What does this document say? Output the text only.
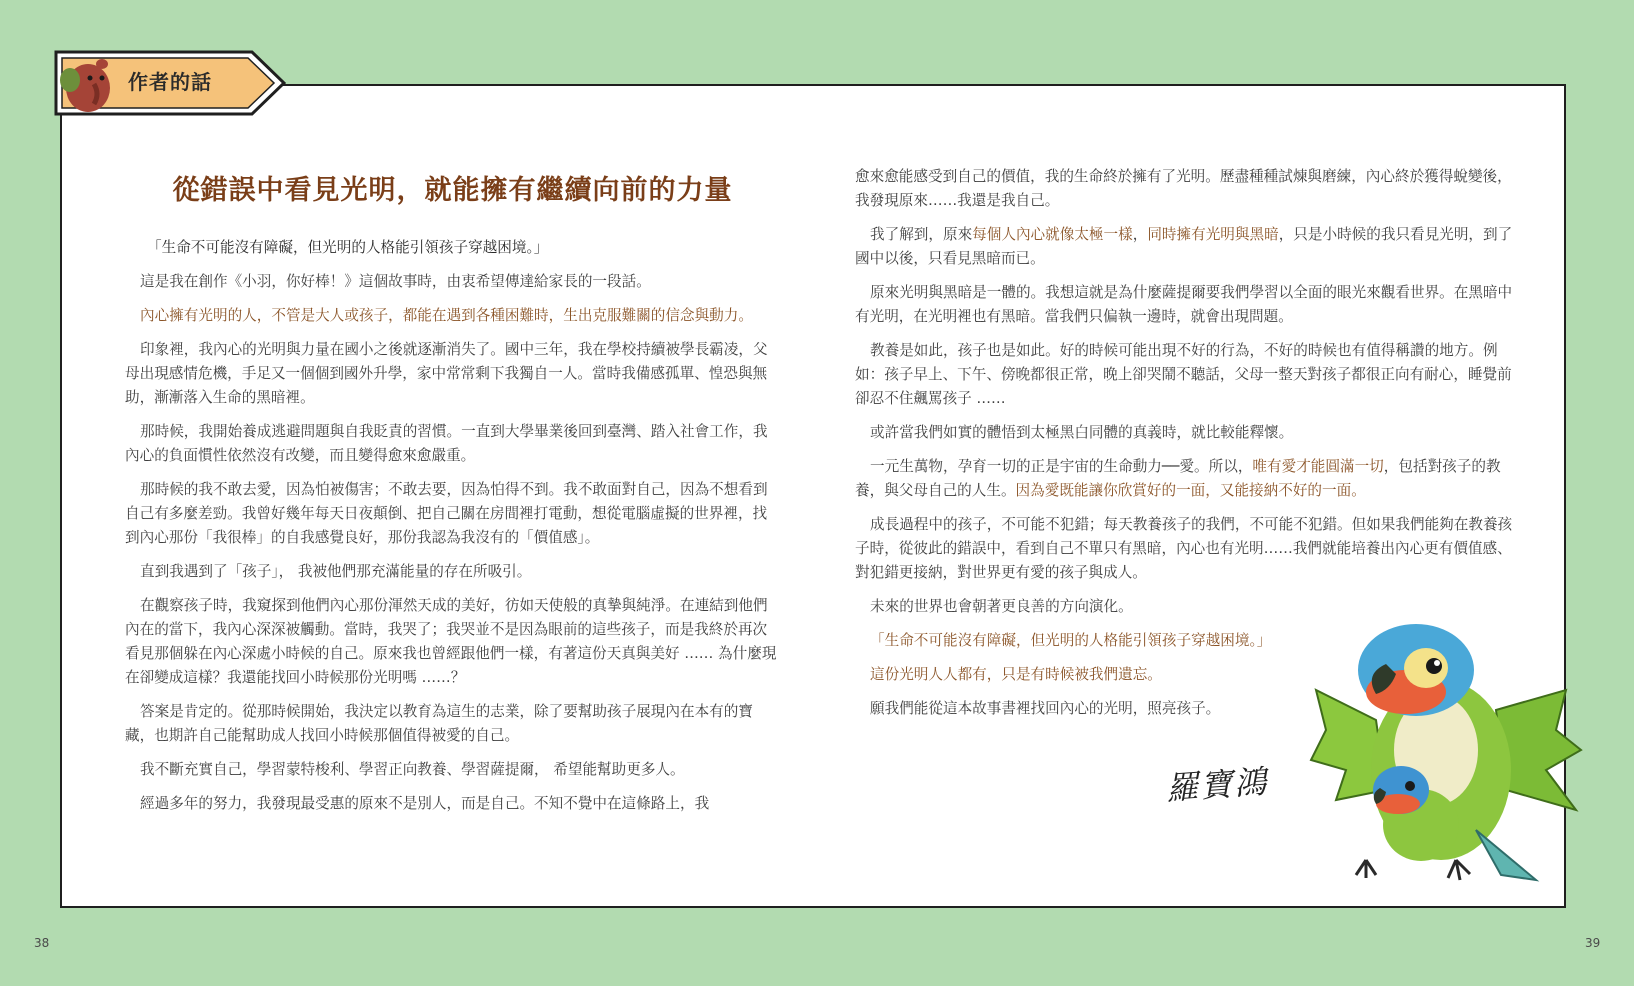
作者的話
從錯誤中看見光明，就能擁有繼續向前的力量

「生命不可能沒有障礙，但光明的人格能引領孩子穿越困境。」

這是我在創作《小羽，你好棒！》這個故事時，由衷希望傳達給家長的一段話。

內心擁有光明的人，不管是大人或孩子，都能在遇到各種困難時，生出克服難關的信念與動力。

印象裡，我內心的光明與力量在國小之後就逐漸消失了。國中三年，我在學校持續被學長霸凌，父母出現感情危機，手足又一個個到國外升學，家中常常剩下我獨自一人。當時我備感孤單、惶恐與無助，漸漸落入生命的黑暗裡。

那時候，我開始養成逃避問題與自我貶責的習慣。一直到大學畢業後回到臺灣、踏入社會工作，我內心的負面慣性依然沒有改變，而且變得愈來愈嚴重。

那時候的我不敢去愛，因為怕被傷害；不敢去要，因為怕得不到。我不敢面對自己，因為不想看到自己有多麼差勁。我曾好幾年每天日夜顛倒、把自己關在房間裡打電動，想從電腦虛擬的世界裡，找到內心那份「我很棒」的自我感覺良好，那份我認為我沒有的「價值感」。

直到我遇到了「孩子」， 我被他們那充滿能量的存在所吸引。

在觀察孩子時，我窺探到他們內心那份渾然天成的美好，彷如天使般的真摯與純淨。在連結到他們內在的當下，我內心深深被觸動。當時，我哭了；我哭並不是因為眼前的這些孩子，而是我終於再次看見那個躲在內心深處小時候的自己。原來我也曾經跟他們一樣，有著這份天真與美好 …… 為什麼現在卻變成這樣？我還能找回小時候那份光明嗎 ……？

答案是肯定的。從那時候開始，我決定以教育為這生的志業，除了要幫助孩子展現內在本有的寶藏，也期許自己能幫助成人找回小時候那個值得被愛的自己。

我不斷充實自己，學習蒙特梭利、學習正向教養、學習薩提爾， 希望能幫助更多人。

經過多年的努力，我發現最受惠的原來不是別人，而是自己。不知不覺中在這條路上，我

愈來愈能感受到自己的價值，我的生命終於擁有了光明。歷盡種種試煉與磨練，內心終於獲得蛻變後，我發現原來……我還是我自己。

我了解到，原來每個人內心就像太極一樣，同時擁有光明與黑暗，只是小時候的我只看見光明，到了國中以後，只看見黑暗而已。

原來光明與黑暗是一體的。我想這就是為什麼薩提爾要我們學習以全面的眼光來觀看世界。在黑暗中有光明，在光明裡也有黑暗。當我們只偏執一邊時，就會出現問題。

教養是如此，孩子也是如此。好的時候可能出現不好的行為，不好的時候也有值得稱讚的地方。例如：孩子早上、下午、傍晚都很正常，晚上卻哭鬧不聽話，父母一整天對孩子都很正向有耐心，睡覺前卻忍不住飆罵孩子 ……

或許當我們如實的體悟到太極黑白同體的真義時，就比較能釋懷。

一元生萬物，孕育一切的正是宇宙的生命動力──愛。所以，唯有愛才能圓滿一切，包括對孩子的教養，與父母自己的人生。因為愛既能讓你欣賞好的一面，又能接納不好的一面。

成長過程中的孩子，不可能不犯錯；每天教養孩子的我們，不可能不犯錯。但如果我們能夠在教養孩子時，從彼此的錯誤中，看到自己不單只有黑暗，內心也有光明……我們就能培養出內心更有價值感、對犯錯更接納，對世界更有愛的孩子與成人。

未來的世界也會朝著更良善的方向演化。

「生命不可能沒有障礙，但光明的人格能引領孩子穿越困境。」

這份光明人人都有，只是有時候被我們遺忘。

願我們能從這本故事書裡找回內心的光明，照亮孩子。

羅寶鴻
38	39
